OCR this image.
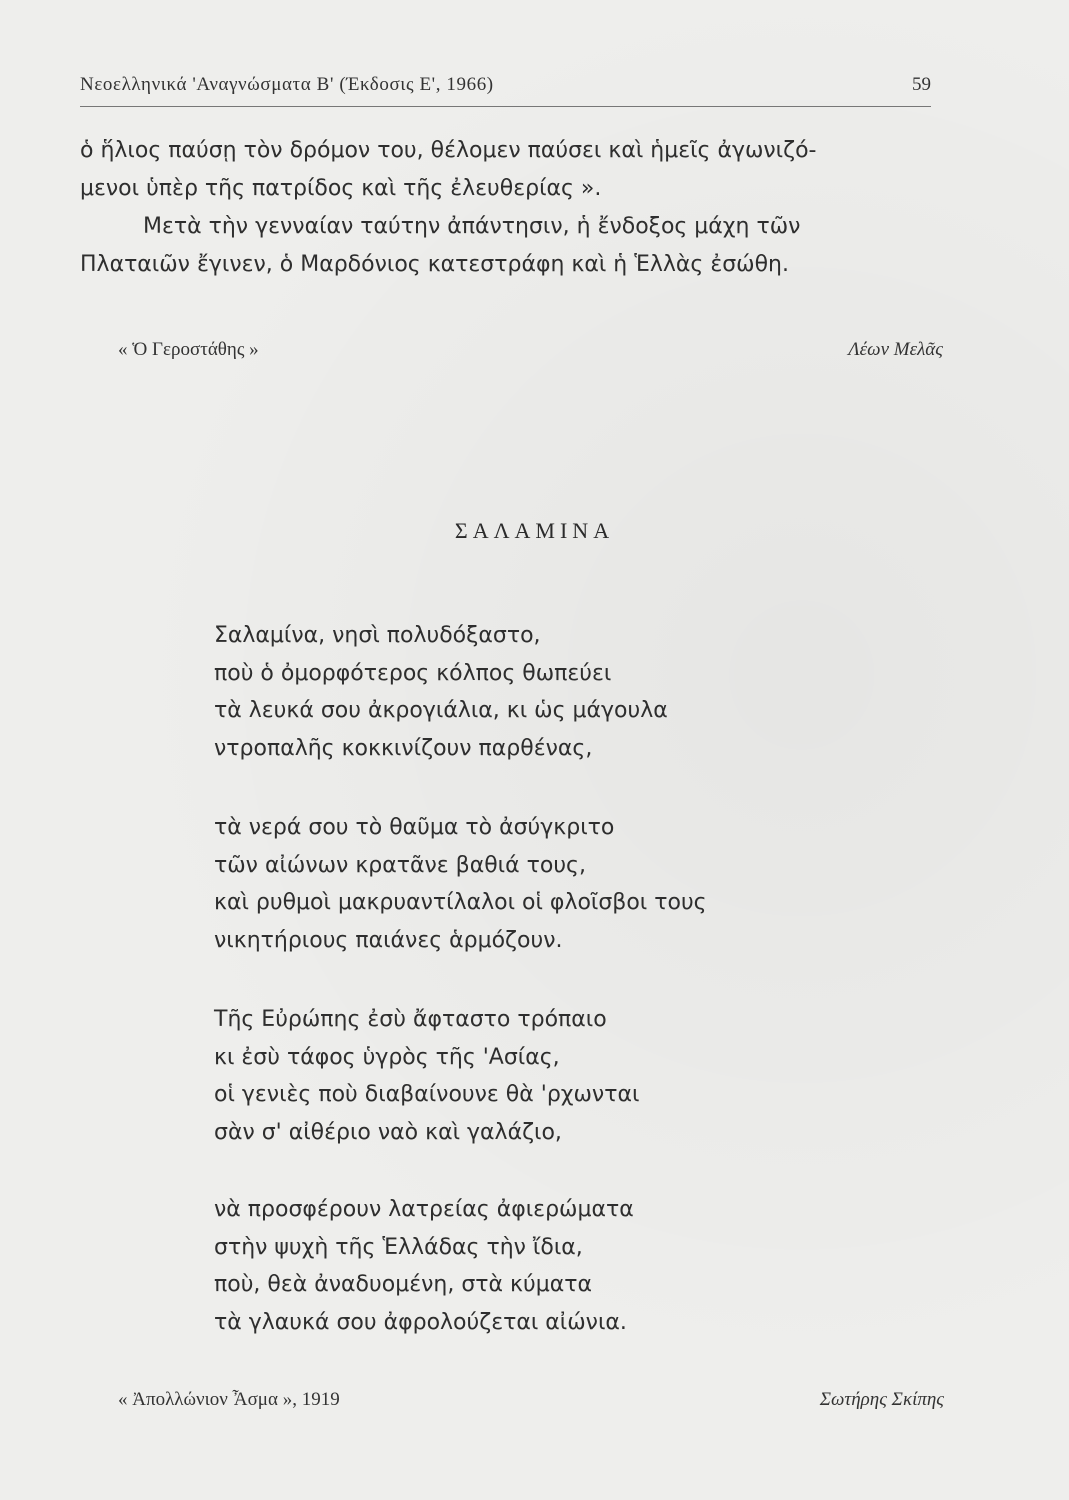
Νεοελληνικά 'Αναγνώσματα Β' (Έκδοσις Ε', 1966)	59

ὁ ἥλιος παύσῃ τὸν δρόμον του, θέλομεν παύσει καὶ ἡμεῖς ἀγωνιζό-
μενοι ὑπὲρ τῆς πατρίδος καὶ τῆς ἐλευθερίας ».

Μετὰ τὴν γενναίαν ταύτην ἀπάντησιν, ἡ ἔνδοξος μάχη τῶν
Πλαταιῶν ἔγινεν, ὁ Μαρδόνιος κατεστράφη καὶ ἡ Ἑλλὰς ἐσώθη.

« Ὁ Γεροστάθης »	Λέων Μελᾶς
ΣΑΛΑΜΙΝΑ
Σαλαμίνα, νησὶ πολυδόξαστο,
ποὺ ὁ ὀμορφότερος κόλπος θωπεύει
τὰ λευκά σου ἀκρογιάλια, κι ὡς μάγουλα
ντροπαλῆς κοκκινίζουν παρθένας,
τὰ νερά σου τὸ θαῦμα τὸ ἀσύγκριτο
τῶν αἰώνων κρατᾶνε βαθιά τους,
καὶ ρυθμοὶ μακρυαντίλαλοι οἱ φλοῖσβοι τους
νικητήριους παιάνες ἁρμόζουν.
Τῆς Εὐρώπης ἐσὺ ἄφταστο τρόπαιο
κι ἐσὺ τάφος ὑγρὸς τῆς 'Ασίας,
οἱ γενιὲς ποὺ διαβαίνουνε θὰ 'ρχωνται
σὰν σ' αἰθέριο ναὸ καὶ γαλάζιο,
νὰ προσφέρουν λατρείας ἀφιερώματα
στὴν ψυχὴ τῆς Ἑλλάδας τὴν ἴδια,
ποὺ, θεὰ ἀναδυομένη, στὰ κύματα
τὰ γλαυκά σου ἀφρολούζεται αἰώνια.
« Ἀπολλώνιον Ἆσμα », 1919	Σωτήρης Σκίπης
